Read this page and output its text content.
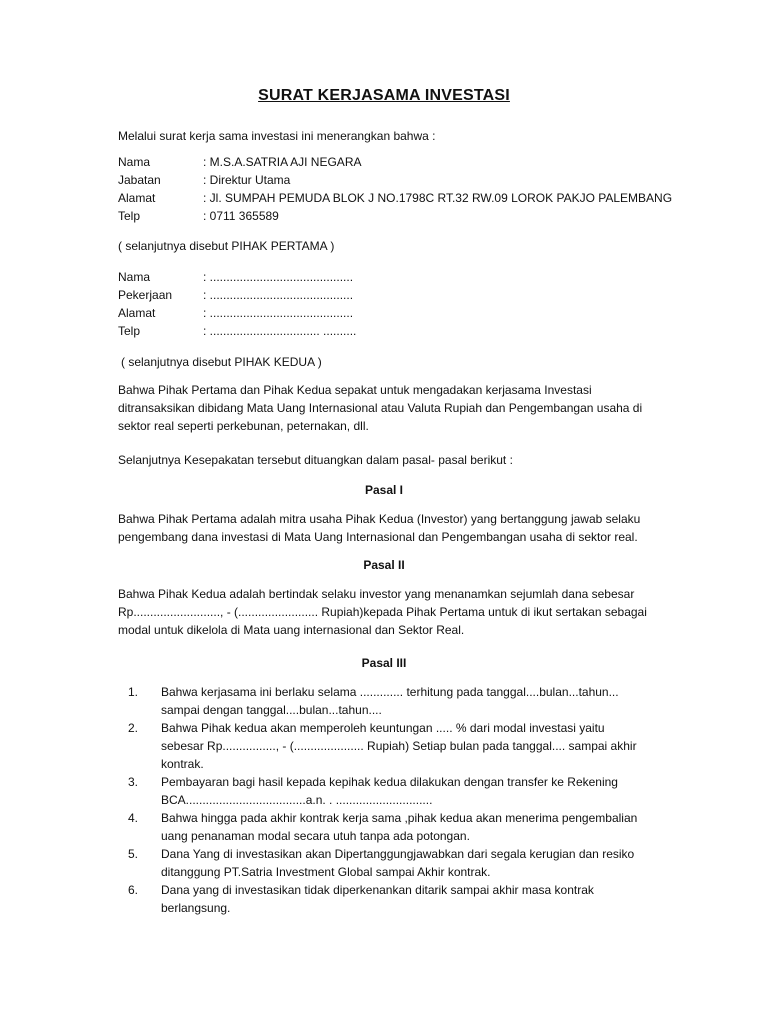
SURAT KERJASAMA INVESTASI
Melalui surat kerja sama investasi ini menerangkan bahwa :
Nama	: M.S.A.SATRIA AJI NEGARA
Jabatan	: Direktur Utama
Alamat	: Jl. SUMPAH PEMUDA BLOK J NO.1798C RT.32 RW.09 LOROK PAKJO PALEMBANG
Telp	: 0711 365589
( selanjutnya disebut PIHAK PERTAMA )
Nama	: ...........................................
Pekerjaan	: ...........................................
Alamat	: ...........................................
Telp	: ................................. ..........
( selanjutnya disebut PIHAK KEDUA )
Bahwa Pihak Pertama dan Pihak Kedua sepakat untuk mengadakan kerjasama Investasi ditransaksikan dibidang Mata Uang Internasional atau Valuta Rupiah dan Pengembangan usaha di sektor real seperti perkebunan, peternakan, dll.
Selanjutnya Kesepakatan tersebut dituangkan dalam pasal- pasal berikut :
Pasal I
Bahwa Pihak Pertama adalah mitra usaha Pihak Kedua (Investor) yang bertanggung jawab selaku pengembang dana investasi di Mata Uang Internasional dan Pengembangan usaha di sektor real.
Pasal II
Bahwa Pihak Kedua adalah bertindak selaku investor yang menanamkan sejumlah dana sebesar Rp.........................., - (........................ Rupiah)kepada Pihak Pertama untuk di ikut sertakan sebagai modal untuk dikelola di Mata uang internasional dan Sektor Real.
Pasal III
1.	Bahwa kerjasama ini berlaku selama ............. terhitung pada tanggal....bulan...tahun... sampai dengan tanggal....bulan...tahun....
2.	Bahwa Pihak kedua akan memperoleh keuntungan ..... % dari modal investasi yaitu sebesar Rp................, - (..................... Rupiah) Setiap bulan pada tanggal.... sampai akhir kontrak.
3.	Pembayaran bagi hasil kepada kepihak kedua dilakukan dengan transfer ke Rekening BCA....................................a.n. . .............................
4.	Bahwa hingga pada akhir kontrak kerja sama ,pihak kedua akan menerima pengembalian uang penanaman modal secara utuh tanpa ada potongan.
5.	Dana Yang di investasikan akan Dipertanggungjawabkan dari segala kerugian dan resiko ditanggung PT.Satria Investment Global sampai Akhir kontrak.
6.	Dana yang di investasikan tidak diperkenankan ditarik sampai akhir masa kontrak berlangsung.
